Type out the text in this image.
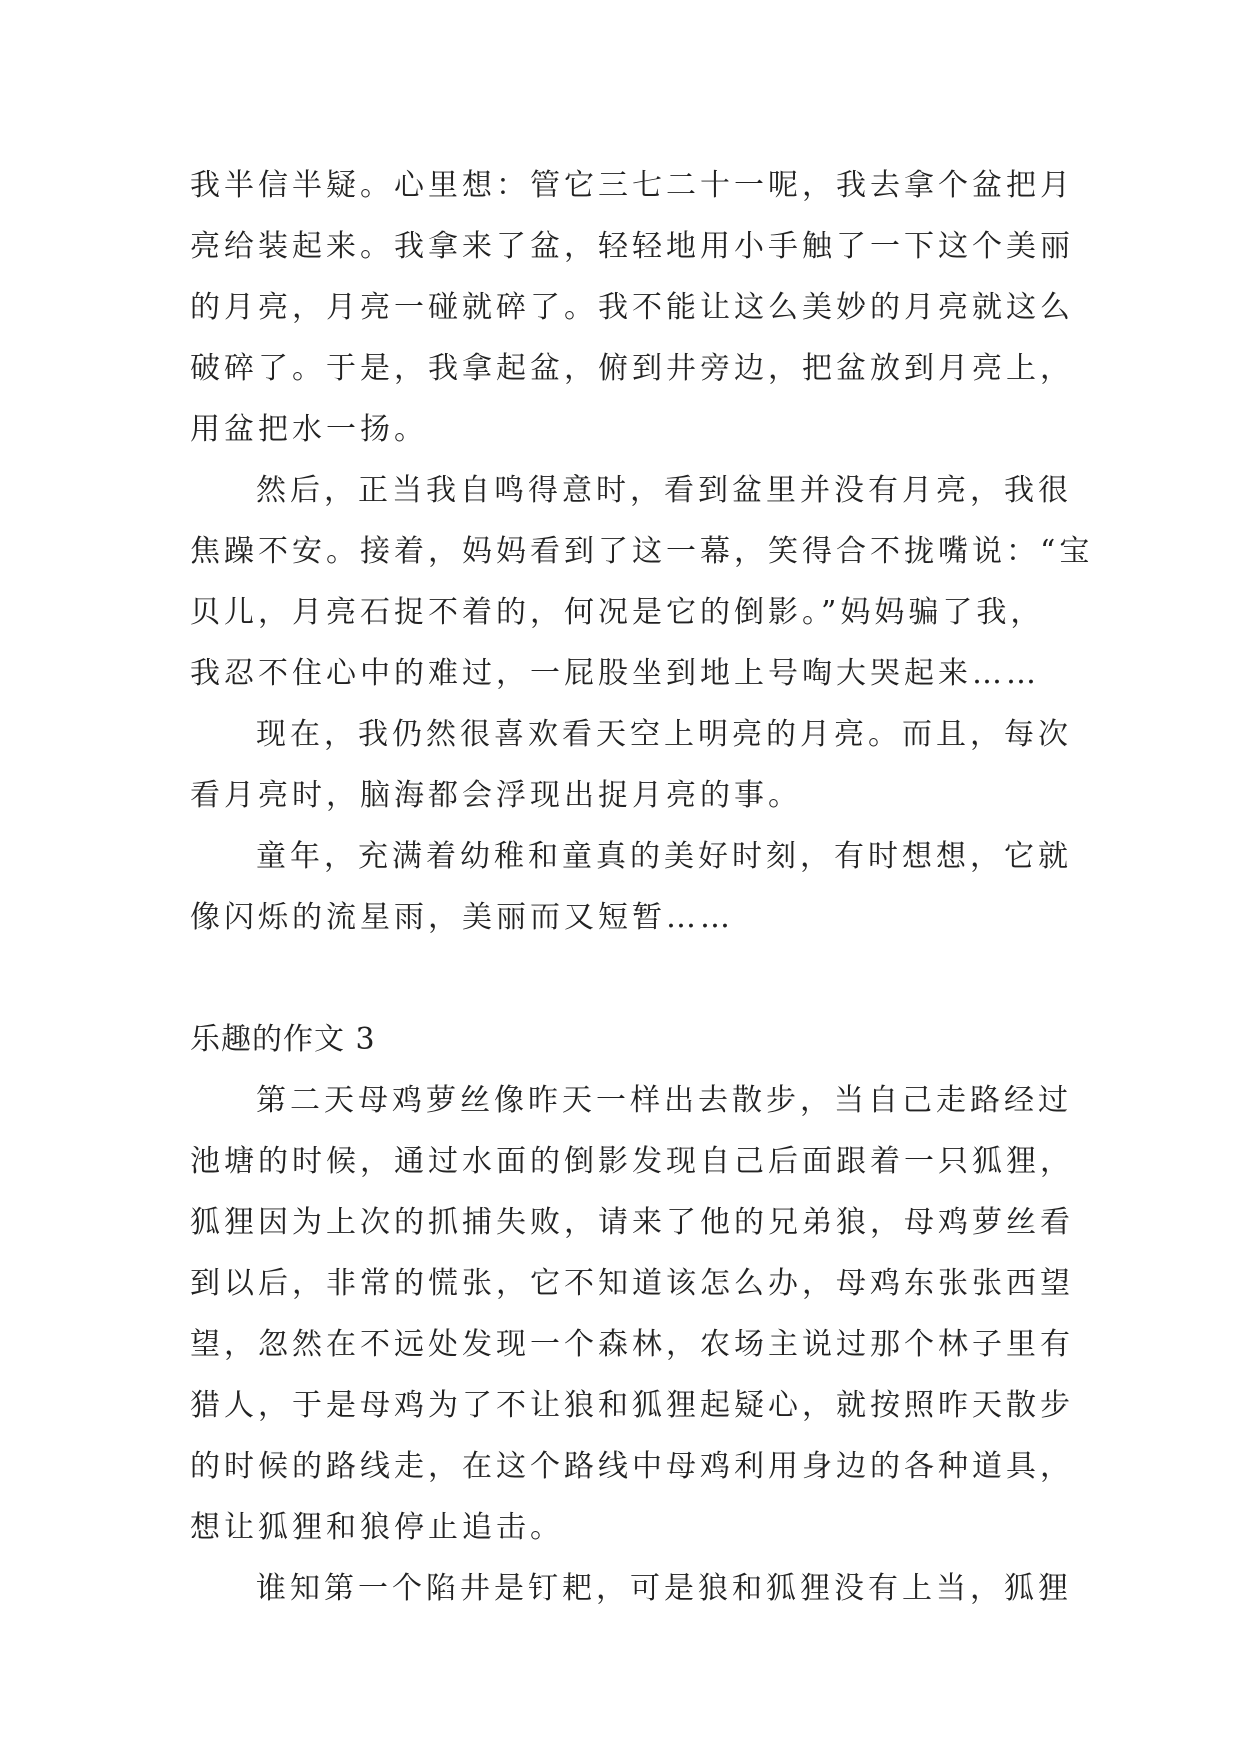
我半信半疑。心里想：管它三七二十一呢，我去拿个盆把月
亮给装起来。我拿来了盆，轻轻地用小手触了一下这个美丽
的月亮，月亮一碰就碎了。我不能让这么美妙的月亮就这么
破碎了。于是，我拿起盆，俯到井旁边，把盆放到月亮上，
用盆把水一扬。
然后，正当我自鸣得意时，看到盆里并没有月亮，我很
焦躁不安。接着，妈妈看到了这一幕，笑得合不拢嘴说：“宝
贝儿，月亮石捉不着的，何况是它的倒影。”妈妈骗了我，
我忍不住心中的难过，一屁股坐到地上号啕大哭起来……
现在，我仍然很喜欢看天空上明亮的月亮。而且，每次
看月亮时，脑海都会浮现出捉月亮的事。
童年，充满着幼稚和童真的美好时刻，有时想想，它就
像闪烁的流星雨，美丽而又短暂……
乐趣的作文 3
第二天母鸡萝丝像昨天一样出去散步，当自己走路经过
池塘的时候，通过水面的倒影发现自己后面跟着一只狐狸，
狐狸因为上次的抓捕失败，请来了他的兄弟狼，母鸡萝丝看
到以后，非常的慌张，它不知道该怎么办，母鸡东张张西望
望，忽然在不远处发现一个森林，农场主说过那个林子里有
猎人，于是母鸡为了不让狼和狐狸起疑心，就按照昨天散步
的时候的路线走，在这个路线中母鸡利用身边的各种道具，
想让狐狸和狼停止追击。
谁知第一个陷井是钉耙，可是狼和狐狸没有上当，狐狸
